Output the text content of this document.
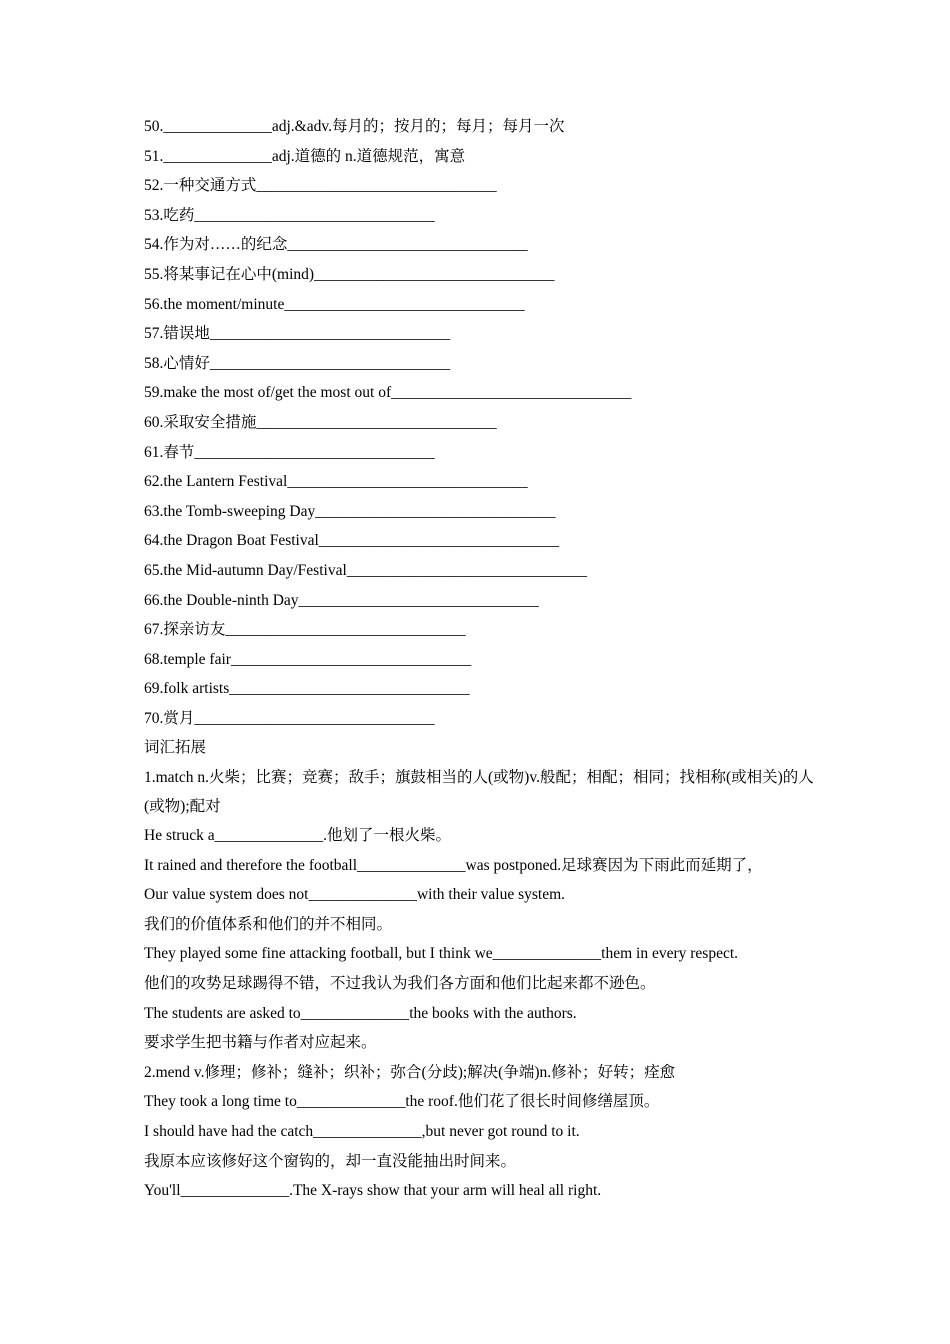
50.______________adj.&adv.每月的；按月的；每月；每月一次
51.______________adj.道德的 n.道德规范，寓意
52.一种交通方式_______________________________
53.吃药_______________________________
54.作为对……的纪念_______________________________
55.将某事记在心中(mind)_______________________________
56.the moment/minute_______________________________
57.错误地_______________________________
58.心情好_______________________________
59.make the most of/get the most out of_______________________________
60.采取安全措施_______________________________
61.春节_______________________________
62.the Lantern Festival_______________________________
63.the Tomb-sweeping Day_______________________________
64.the Dragon Boat Festival_______________________________
65.the Mid-autumn Day/Festival_______________________________
66.the Double-ninth Day_______________________________
67.探亲访友_______________________________
68.temple fair_______________________________
69.folk artists_______________________________
70.赏月_______________________________
词汇拓展
1.match n.火柴；比赛；竞赛；敌手；旗鼓相当的人(或物)v.般配；相配；相同；找相称(或相关)的人(或物);配对
He struck a______________.他划了一根火柴。
It rained and therefore the football______________was postponed.足球赛因为下雨此而延期了，
Our value system does not______________with their value system.
我们的价值体系和他们的并不相同。
They played some fine attacking football, but I think we______________them in every respect.
他们的攻势足球踢得不错，不过我认为我们各方面和他们比起来都不逊色。
The students are asked to______________the books with the authors.
要求学生把书籍与作者对应起来。
2.mend v.修理；修补；缝补；织补；弥合(分歧);解决(争端)n.修补；好转；痊愈
They took a long time to______________the roof.他们花了很长时间修缮屋顶。
I should have had the catch______________,but never got round to it.
我原本应该修好这个窗钩的，却一直没能抽出时间来。
You'll______________.The X-rays show that your arm will heal all right.
